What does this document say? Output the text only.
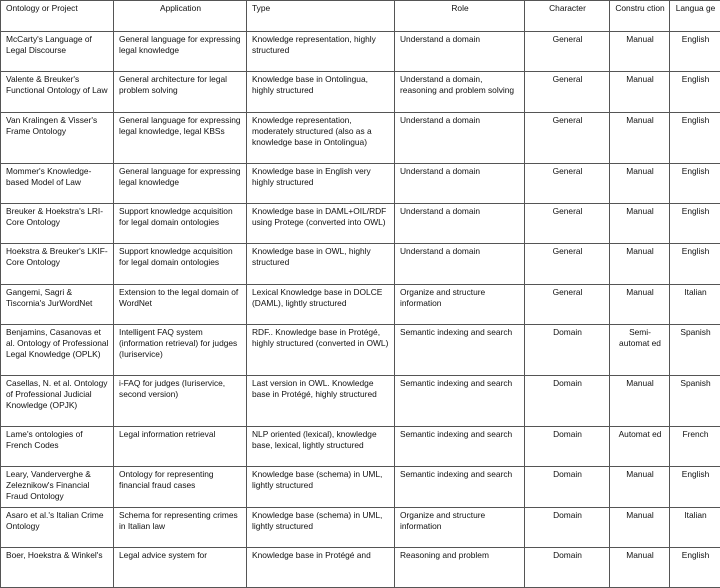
Ontology or Project	Application	Type	Role	Character	Constru ction	Langua ge
McCarty's Language of Legal Discourse	General language for expressing legal knowledge	Knowledge representation, highly structured	Understand a domain	General	Manual	English
Valente & Breuker's Functional Ontology of Law	General architecture for legal problem solving	Knowledge base in Ontolingua, highly structured	Understand a domain, reasoning and problem solving	General	Manual	English
Van Kralingen & Visser's Frame Ontology	General language for expressing legal knowledge, legal KBSs	Knowledge representation, moderately structured (also as a knowledge base in Ontolingua)	Understand a domain	General	Manual	English
Mommer's Knowledge-based Model of Law	General language for expressing legal knowledge	Knowledge base in English very highly structured	Understand a domain	General	Manual	English
Breuker & Hoekstra's LRI-Core Ontology	Support knowledge acquisition for legal domain ontologies	Knowledge base in DAML+OIL/RDF using Protege (converted into OWL)	Understand a domain	General	Manual	English
Hoekstra & Breuker's LKIF-Core Ontology	Support knowledge acquisition for legal domain ontologies	Knowledge base in OWL, highly structured	Understand a domain	General	Manual	English
Gangemi, Sagri & Tiscornia's JurWordNet	Extension to the legal domain of WordNet	Lexical Knowledge base in DOLCE (DAML), lightly structured	Organize and structure information	General	Manual	Italian
Benjamins, Casanovas et al. Ontology of Professional Legal Knowledge (OPLK)	Intelligent FAQ system (information retrieval) for judges (Iuriservice)	RDF.. Knowledge base in Protégé, highly structured (converted in OWL)	Semantic indexing and search	Domain	Semi-automat ed	Spanish
Casellas, N. et al. Ontology of Professional Judicial Knowledge (OPJK)	i-FAQ for judges (Iuriservice, second version)	Last version in OWL. Knowledge base in Protégé, highly structured	Semantic indexing and search	Domain	Manual	Spanish
Lame's ontologies of French Codes	Legal information retrieval	NLP oriented (lexical), knowledge base, lexical, lightly structured	Semantic indexing and search	Domain	Automat ed	French
Leary, Vanderverghe & Zeleznikow's Financial Fraud Ontology	Ontology for representing financial fraud cases	Knowledge base (schema) in UML, lightly structured	Semantic indexing and search	Domain	Manual	English
Asaro et al.'s Italian Crime Ontology	Schema for representing crimes in Italian law	Knowledge base (schema) in UML, lightly structured	Organize and structure information	Domain	Manual	Italian
Boer, Hoekstra & Winkel's	Legal advice system for	Knowledge base in Protégé and	Reasoning and problem	Domain	Manual	English
